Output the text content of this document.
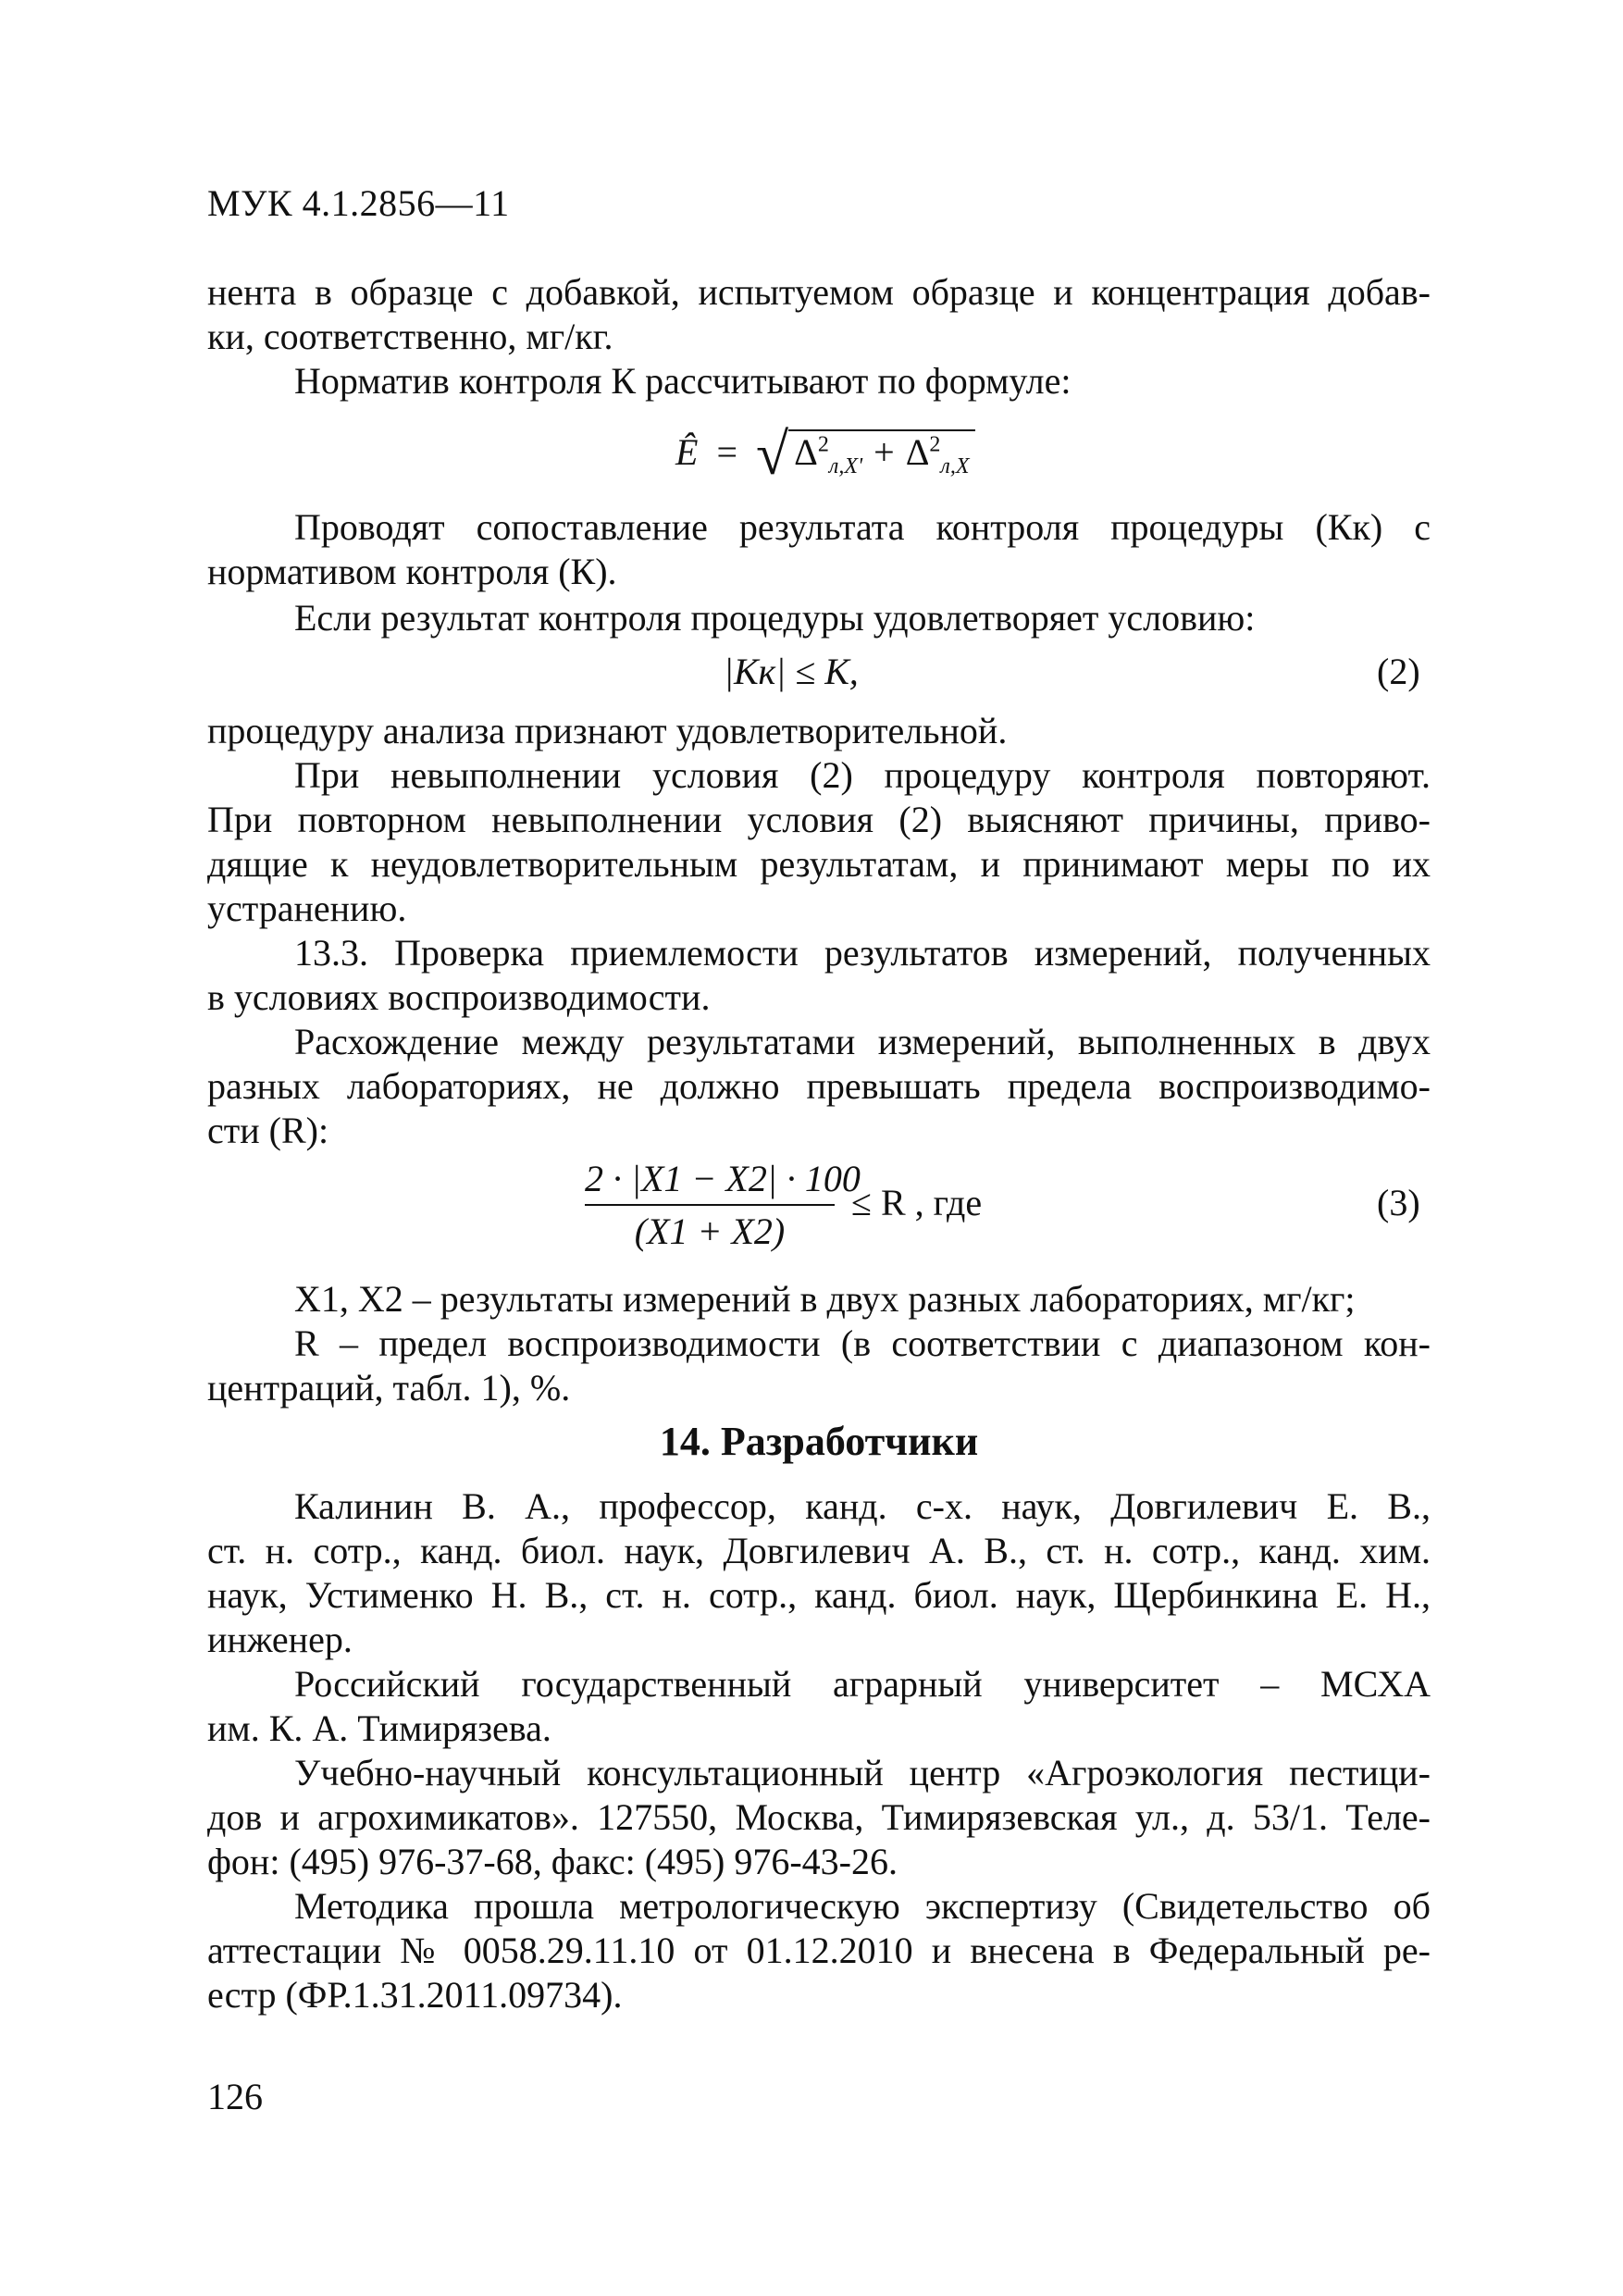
МУК 4.1.2856—11
нента в образце с добавкой, испытуемом образце и концентрация добав-
ки, соответственно, мг/кг.
Норматив контроля К рассчитывают по формуле:
Ê = √ $\Delta^2_{л,Х'} + \Delta^2_{л,Х}$
Проводят сопоставление результата контроля процедуры (Кк) с
нормативом контроля (К).
Если результат контроля процедуры удовлетворяет условию:
|Кк| ≤ К,	(2)
процедуру анализа признают удовлетворительной.
При невыполнении условия (2) процедуру контроля повторяют.
При повторном невыполнении условия (2) выясняют причины, приво-
дящие к неудовлетворительным результатам, и принимают меры по их
устранению.
13.3. Проверка приемлемости результатов измерений, полученных
в условиях воспроизводимости.
Расхождение между результатами измерений, выполненных в двух
разных лабораториях, не должно превышать предела воспроизводимо-
сти (R):
2 · |Х1 − Х2| · 100
(Х1 + Х2)
≤ R , где	(3)
Х1, Х2 – результаты измерений в двух разных лабораториях, мг/кг;
R – предел воспроизводимости (в соответствии с диапазоном кон-
центраций, табл. 1), %.
14. Разработчики
Калинин В. А., профессор, канд. с-х. наук, Довгилевич Е. В.,
ст. н. сотр., канд. биол. наук, Довгилевич А. В., ст. н. сотр., канд. хим.
наук, Устименко Н. В., ст. н. сотр., канд. биол. наук, Щербинкина Е. Н.,
инженер.
Российский государственный аграрный университет – МСХА
им. К. А. Тимирязева.
Учебно-научный консультационный центр «Агроэкология пестици-
дов и агрохимикатов». 127550, Москва, Тимирязевская ул., д. 53/1. Теле-
фон: (495) 976-37-68, факс: (495) 976-43-26.
Методика прошла метрологическую экспертизу (Свидетельство об
аттестации № 0058.29.11.10 от 01.12.2010 и внесена в Федеральный ре-
естр (ФР.1.31.2011.09734).
126
